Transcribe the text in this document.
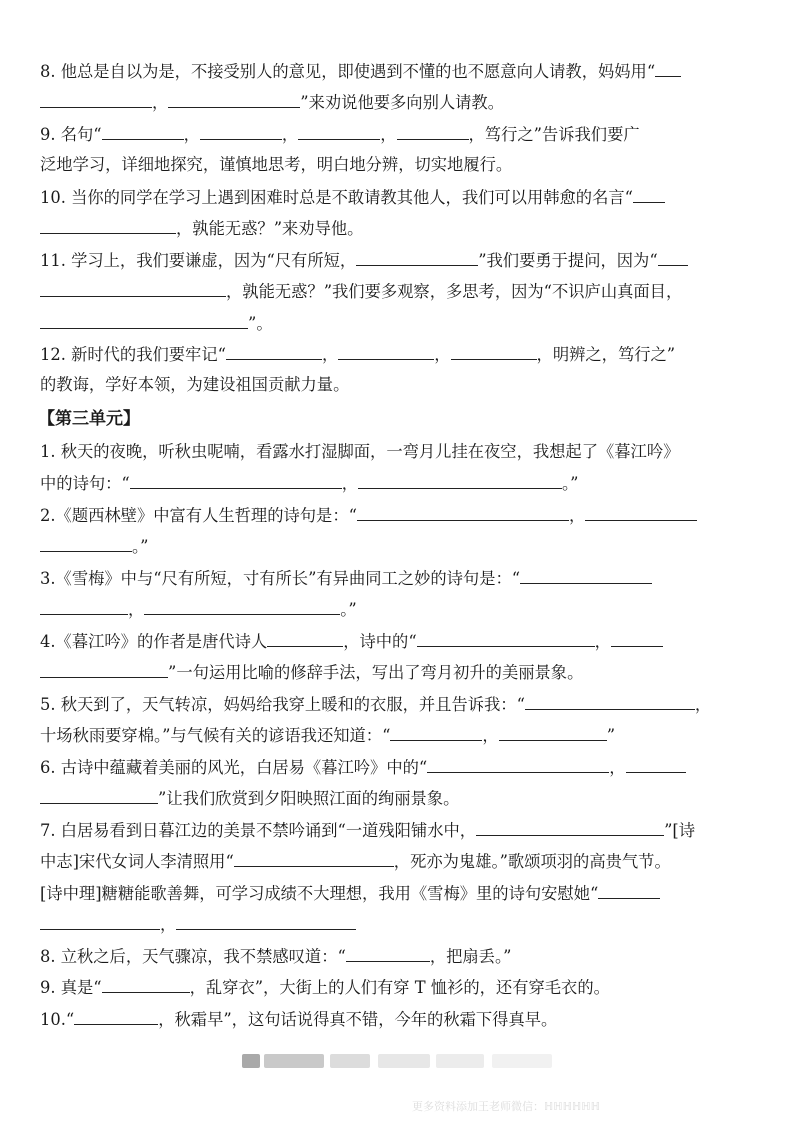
8. 他总是自以为是，不接受别人的意见，即使遇到不懂的也不愿意向人请教，妈妈用“
，	”来劝说他要多向别人请教。
9. 名句“	，	，	，	，笃行之”告诉我们要广
泛地学习，详细地探究，谨慎地思考，明白地分辨，切实地履行。
10. 当你的同学在学习上遇到困难时总是不敢请教其他人，我们可以用韩愈的名言“
，孰能无惑？”来劝导他。
11. 学习上，我们要谦虚，因为“尺有所短，	”我们要勇于提问，因为“
，孰能无惑？”我们要多观察，多思考，因为“不识庐山真面目，
”。
12. 新时代的我们要牢记“	，	，	，明辨之，笃行之”
的教诲，学好本领，为建设祖国贡献力量。
【第三单元】
1. 秋天的夜晚，听秋虫呢喃，看露水打湿脚面，一弯月儿挂在夜空，我想起了《暮江吟》
中的诗句：“	，	。”
2.《题西林壁》中富有人生哲理的诗句是：“	，
。”
3.《雪梅》中与“尺有所短，寸有所长”有异曲同工之妙的诗句是：“
，	。”
4.《暮江吟》的作者是唐代诗人	，诗中的“	，
”一句运用比喻的修辞手法，写出了弯月初升的美丽景象。
5. 秋天到了，天气转凉，妈妈给我穿上暖和的衣服，并且告诉我：“	，
十场秋雨要穿棉。”与气候有关的谚语我还知道：“	，	”
6. 古诗中蕴藏着美丽的风光，白居易《暮江吟》中的“	，
”让我们欣赏到夕阳映照江面的绚丽景象。
7. 白居易看到日暮江边的美景不禁吟诵到“一道残阳铺水中，	”[诗
中志]宋代女词人李清照用“	，死亦为鬼雄。”歌颂项羽的高贵气节。
[诗中理]糖糖能歌善舞，可学习成绩不大理想，我用《雪梅》里的诗句安慰她“
，
8. 立秋之后，天气骤凉，我不禁感叹道：“	，把扇丢。”
9. 真是“	，乱穿衣”，大街上的人们有穿 T 恤衫的，还有穿毛衣的。
10.“	，秋霜早”，这句话说得真不错，今年的秋霜下得真早。
更多资料添加王老师微信：ℍℍℍℍℍℍ
